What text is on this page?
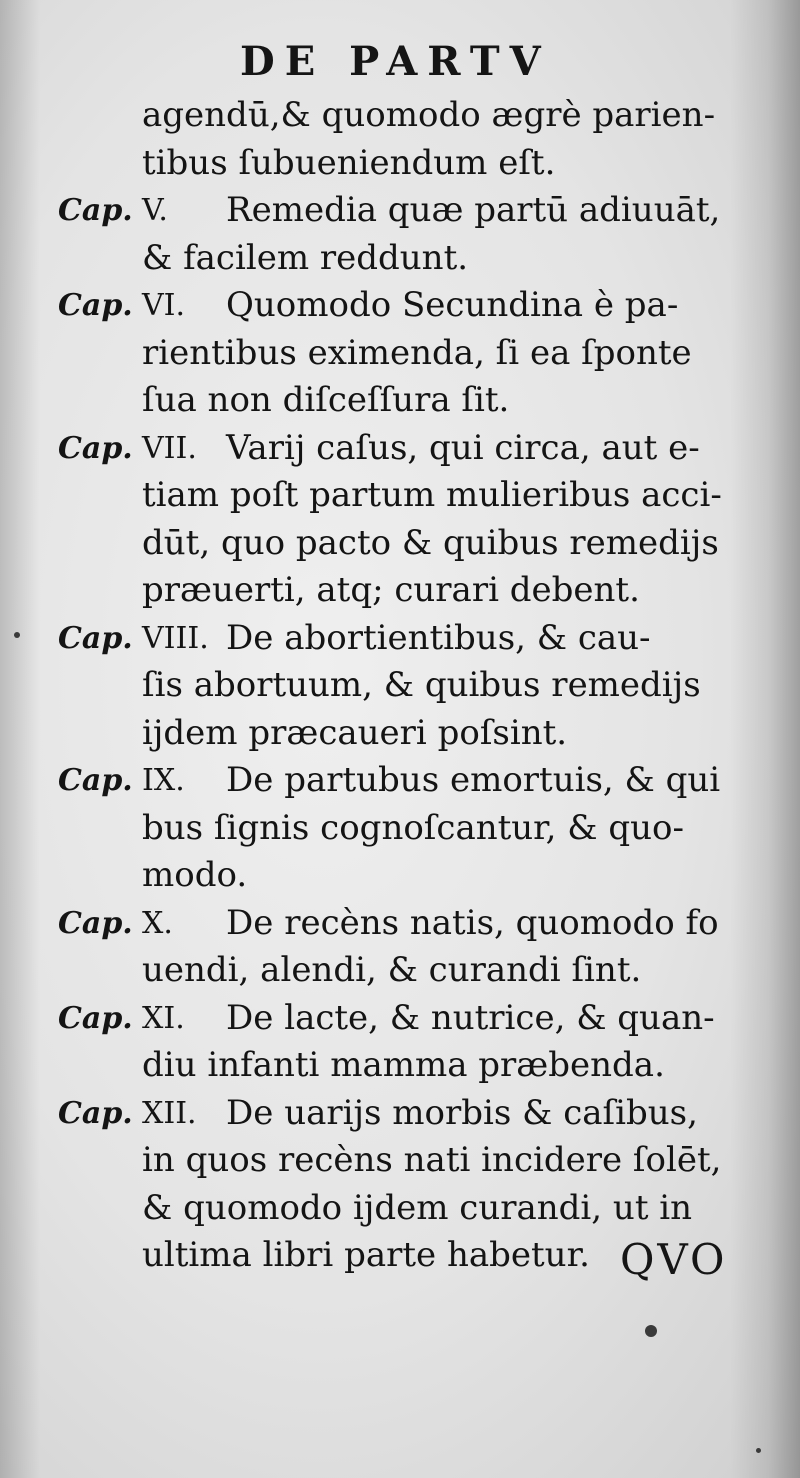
DE PARTV
agendū,& quomodo ægrè parien-
tibus ſubueniendum eſt.
Cap. V. Remedia quæ partū adiuuāt,
& facilem reddunt.
Cap. VI. Quomodo Secundina è pa-
rientibus eximenda, ſi ea ſponte
ſua non diſceſſura ſit.
Cap. VII. Varij caſus, qui circa, aut e-
tiam poſt partum mulieribus acci-
dūt, quo pacto & quibus remedijs
præuerti, atq; curari debent.
Cap. VIII. De abortientibus, & cau-
ſis abortuum, & quibus remedijs
ijdem præcaueri poſsint.
Cap. IX. De partubus emortuis, & qui
bus ſignis cognoſcantur, & quo-
modo.
Cap. X. De recèns natis, quomodo fo
uendi, alendi, & curandi ſint.
Cap. XI. De lacte, & nutrice, & quan-
diu infanti mamma præbenda.
Cap. XII. De uarijs morbis & caſibus,
in quos recèns nati incidere ſolēt,
& quomodo ijdem curandi, ut in
ultima libri parte habetur. QVO
